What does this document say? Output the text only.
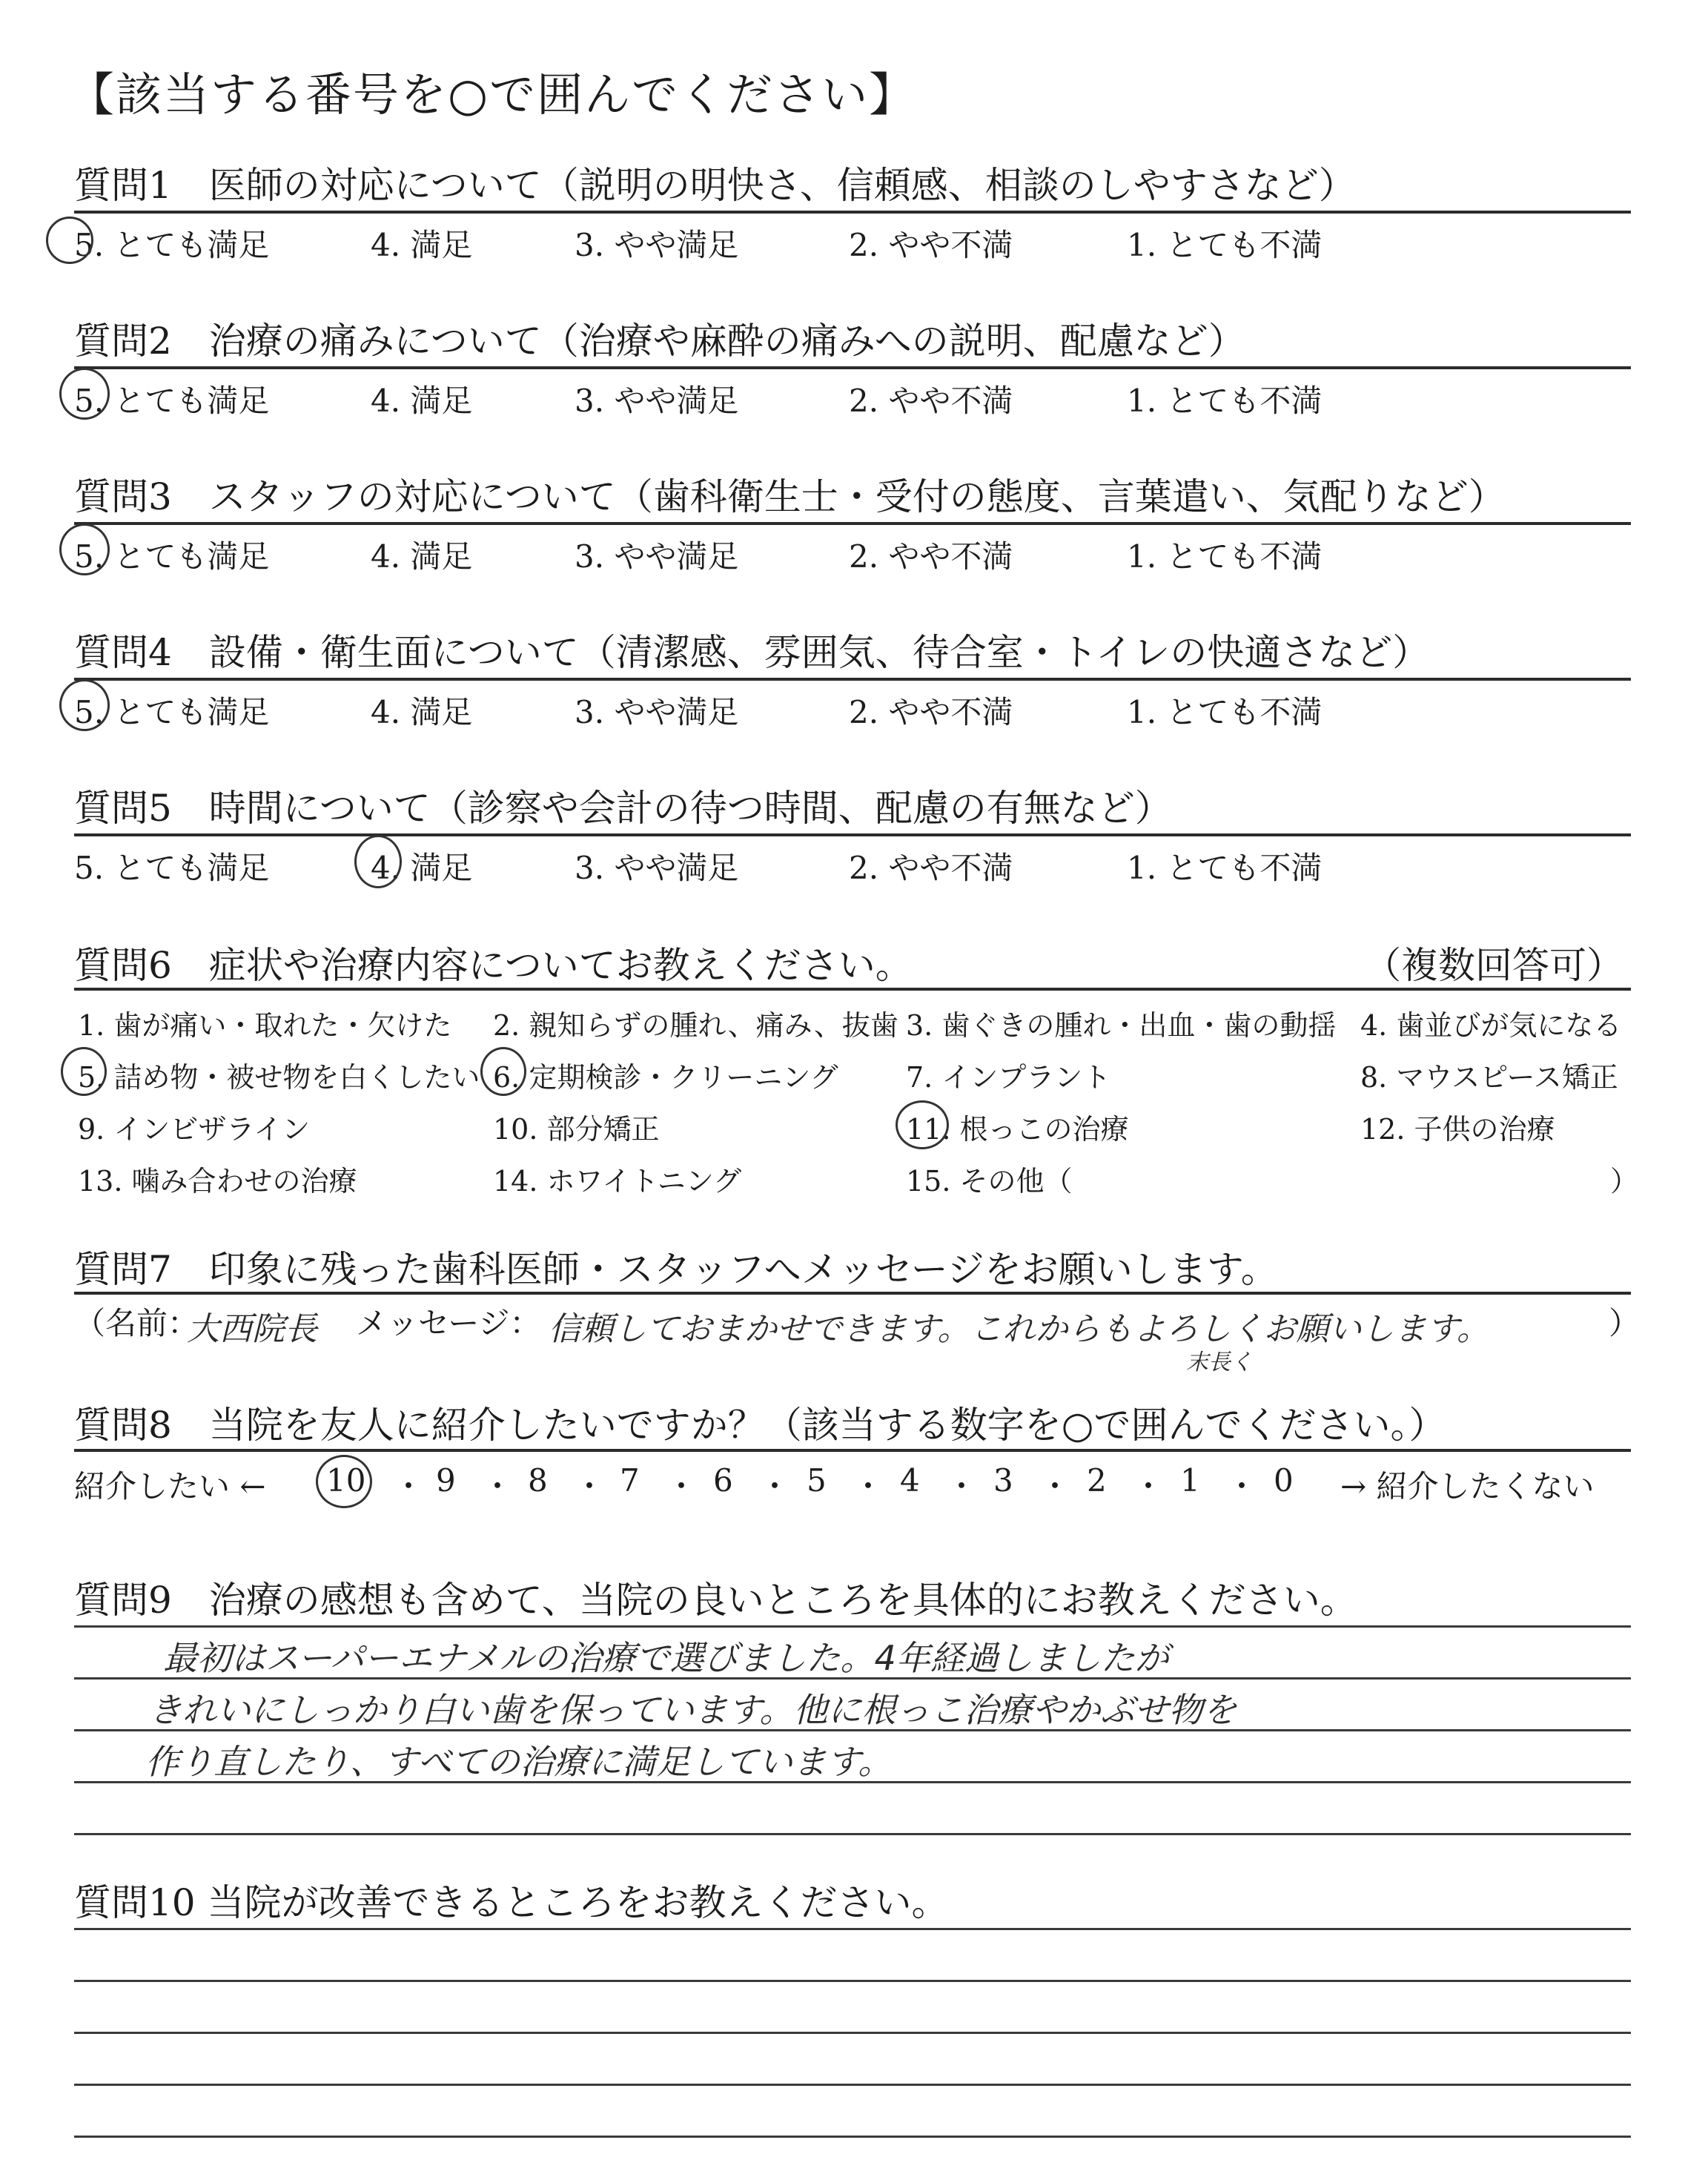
【該当する番号を○で囲んでください】
質問1　医師の対応について（説明の明快さ、信頼感、相談のしやすさなど）
5. とても満足	4. 満足	3. やや満足	2. やや不満	1. とても不満
質問2　治療の痛みについて（治療や麻酔の痛みへの説明、配慮など）
5. とても満足	4. 満足	3. やや満足	2. やや不満	1. とても不満
質問3　スタッフの対応について（歯科衛生士・受付の態度、言葉遣い、気配りなど）
5. とても満足	4. 満足	3. やや満足	2. やや不満	1. とても不満
質問4　設備・衛生面について（清潔感、雰囲気、待合室・トイレの快適さなど）
5. とても満足	4. 満足	3. やや満足	2. やや不満	1. とても不満
質問5　時間について（診察や会計の待つ時間、配慮の有無など）
5. とても満足	4. 満足	3. やや満足	2. やや不満	1. とても不満
質問6　症状や治療内容についてお教えください。	（複数回答可）
1. 歯が痛い・取れた・欠けた 2. 親知らずの腫れ、痛み、抜歯 3. 歯ぐきの腫れ・出血・歯の動揺 4. 歯並びが気になる
5. 詰め物・被せ物を白くしたい 6. 定期検診・クリーニング 7. インプラント	8. マウスピース矯正
9. インビザライン	10. 部分矯正	11. 根っこの治療	12. 子供の治療
13. 噛み合わせの治療	14. ホワイトニング	15. その他（	）
質問7　印象に残った歯科医師・スタッフへメッセージをお願いします。
（名前：
大西院長 メッセージ： 信頼しておまかせできます。これからもよろしくお願いします。
末長く
）
質問8　当院を友人に紹介したいですか？（該当する数字を○で囲んでください。）
紹介したい ← 10 ・ 9 ・ 8 ・ 7 ・ 6 ・ 5 ・ 4 ・ 3 ・ 2 ・ 1 ・ 0 → 紹介したくない
質問9　治療の感想も含めて、当院の良いところを具体的にお教えください。
最初はスーパーエナメルの治療で選びました。4年経過しましたが
きれいにしっかり白い歯を保っています。他に根っこ治療やかぶせ物を
作り直したり、すべての治療に満足しています。
質問10 当院が改善できるところをお教えください。
